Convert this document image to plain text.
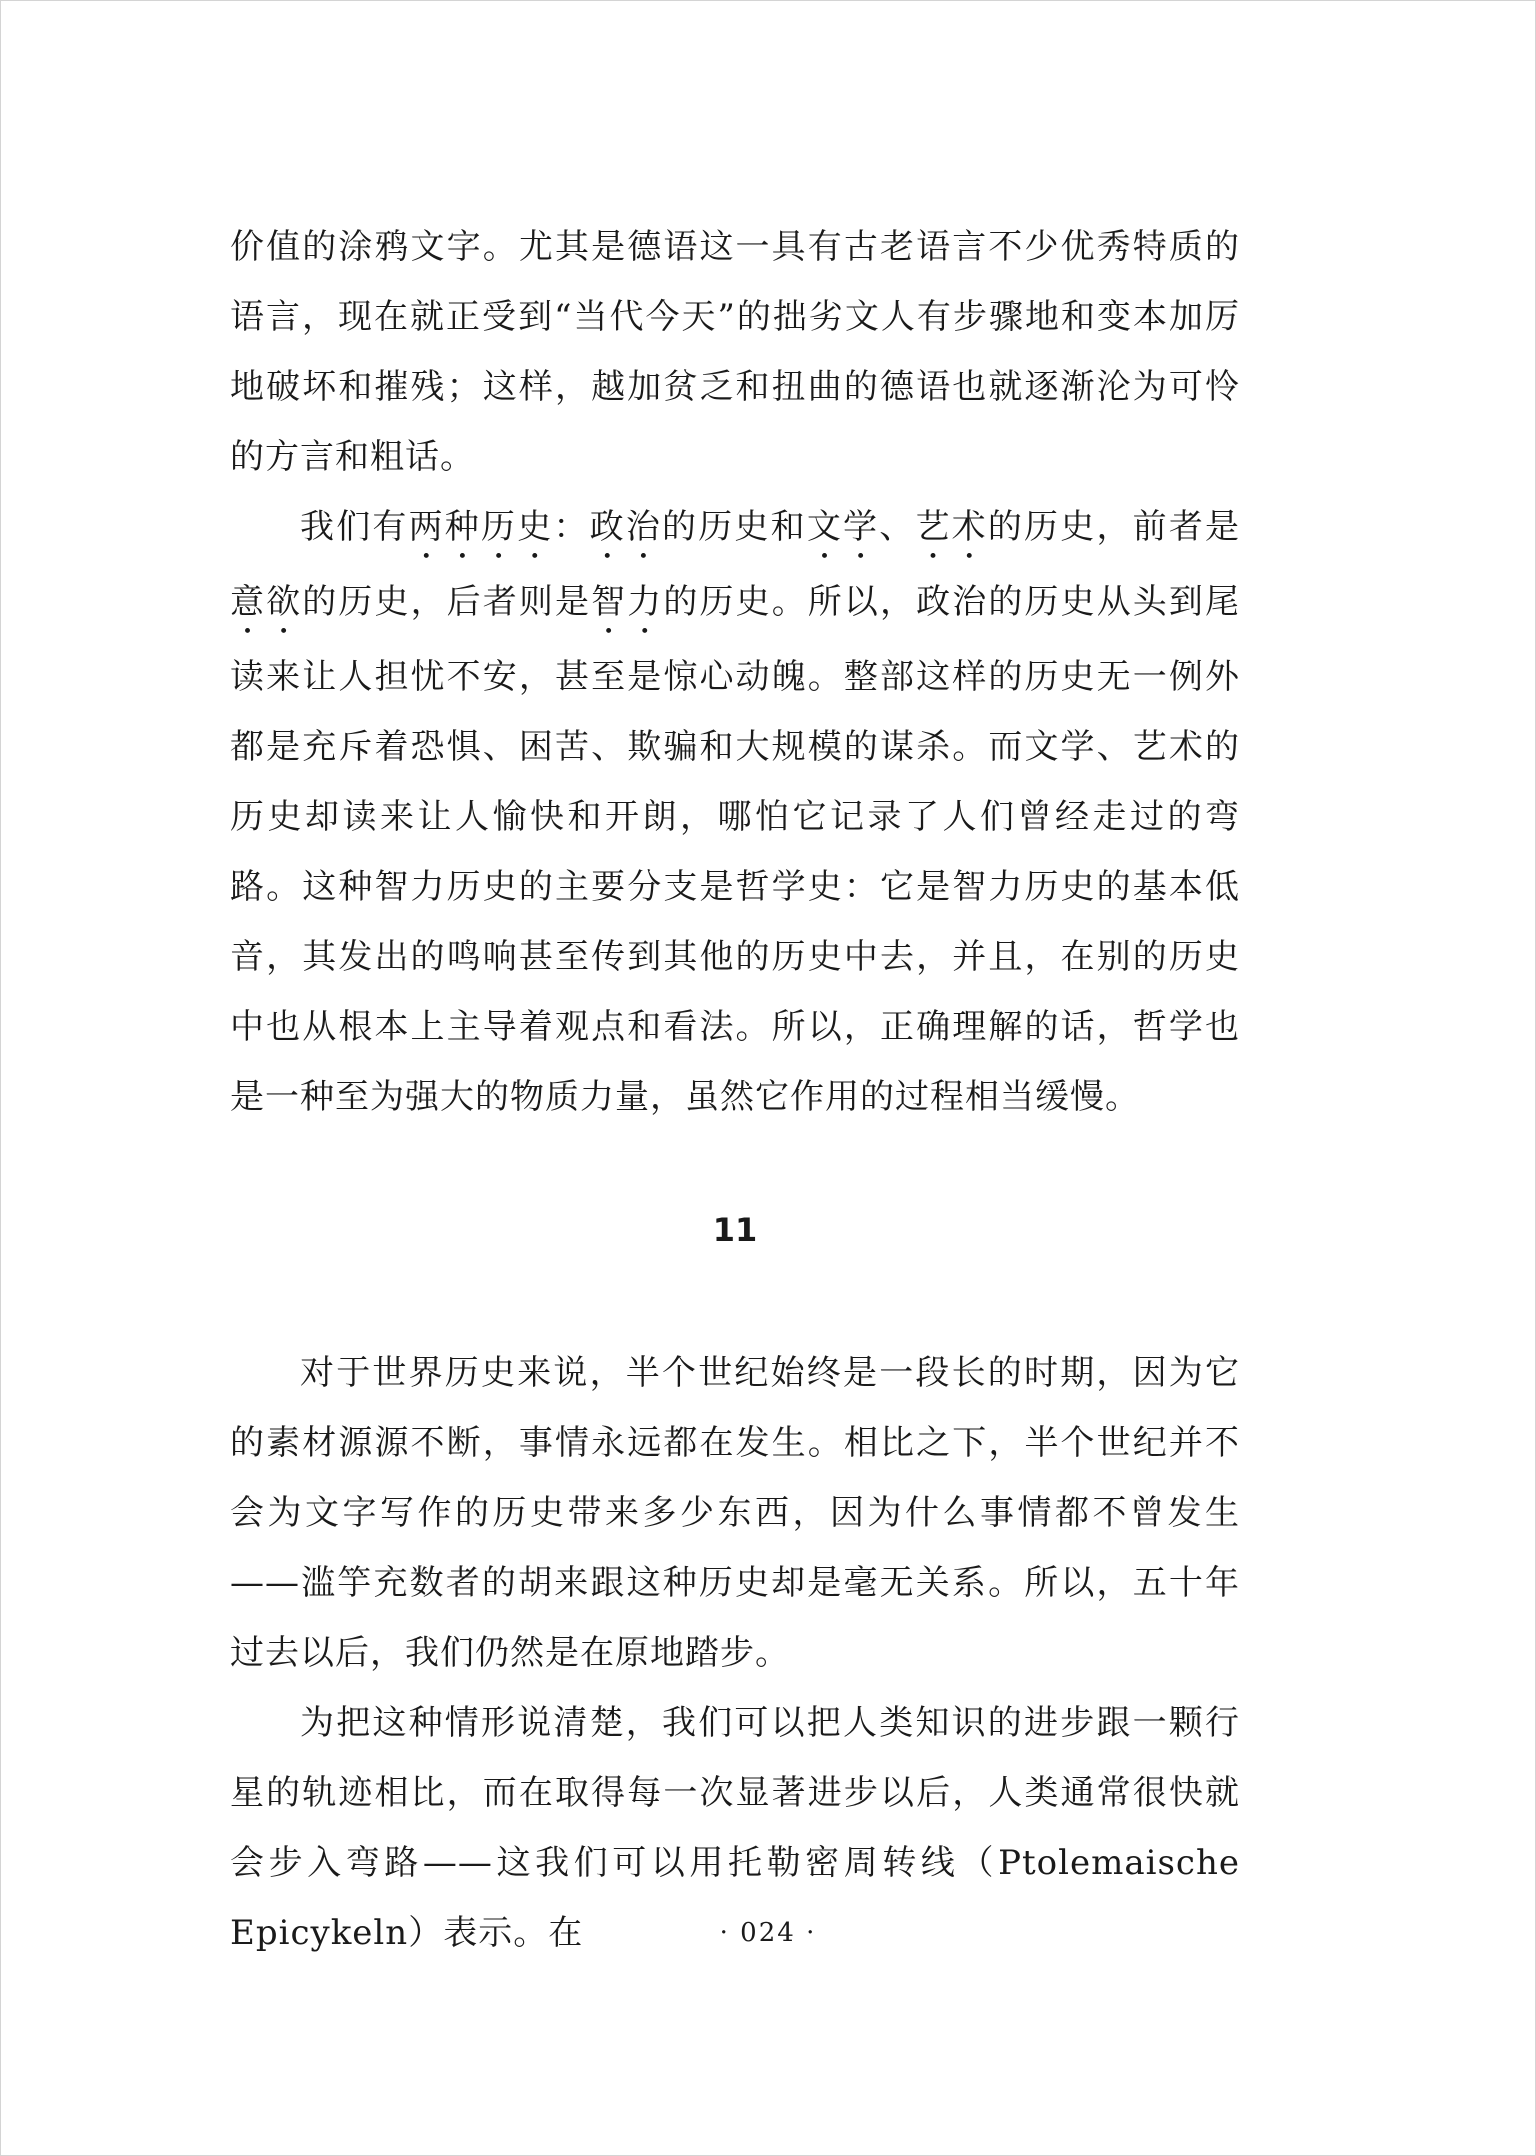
价值的涂鸦文字。尤其是德语这一具有古老语言不少优秀特质的语言，现在就正受到“当代今天”的拙劣文人有步骤地和变本加厉地破坏和摧残；这样，越加贫乏和扭曲的德语也就逐渐沦为可怜的方言和粗话。

我们有两种历史：政治的历史和文学、艺术的历史，前者是意欲的历史，后者则是智力的历史。所以，政治的历史从头到尾读来让人担忧不安，甚至是惊心动魄。整部这样的历史无一例外都是充斥着恐惧、困苦、欺骗和大规模的谋杀。而文学、艺术的历史却读来让人愉快和开朗，哪怕它记录了人们曾经走过的弯路。这种智力历史的主要分支是哲学史：它是智力历史的基本低音，其发出的鸣响甚至传到其他的历史中去，并且，在别的历史中也从根本上主导着观点和看法。所以，正确理解的话，哲学也是一种至为强大的物质力量，虽然它作用的过程相当缓慢。

11

对于世界历史来说，半个世纪始终是一段长的时期，因为它的素材源源不断，事情永远都在发生。相比之下，半个世纪并不会为文字写作的历史带来多少东西，因为什么事情都不曾发生——滥竽充数者的胡来跟这种历史却是毫无关系。所以，五十年过去以后，我们仍然是在原地踏步。

为把这种情形说清楚，我们可以把人类知识的进步跟一颗行星的轨迹相比，而在取得每一次显著进步以后，人类通常很快就会步入弯路——这我们可以用托勒密周转线（Ptolemaische Epicykeln）表示。在	· 024 ·
